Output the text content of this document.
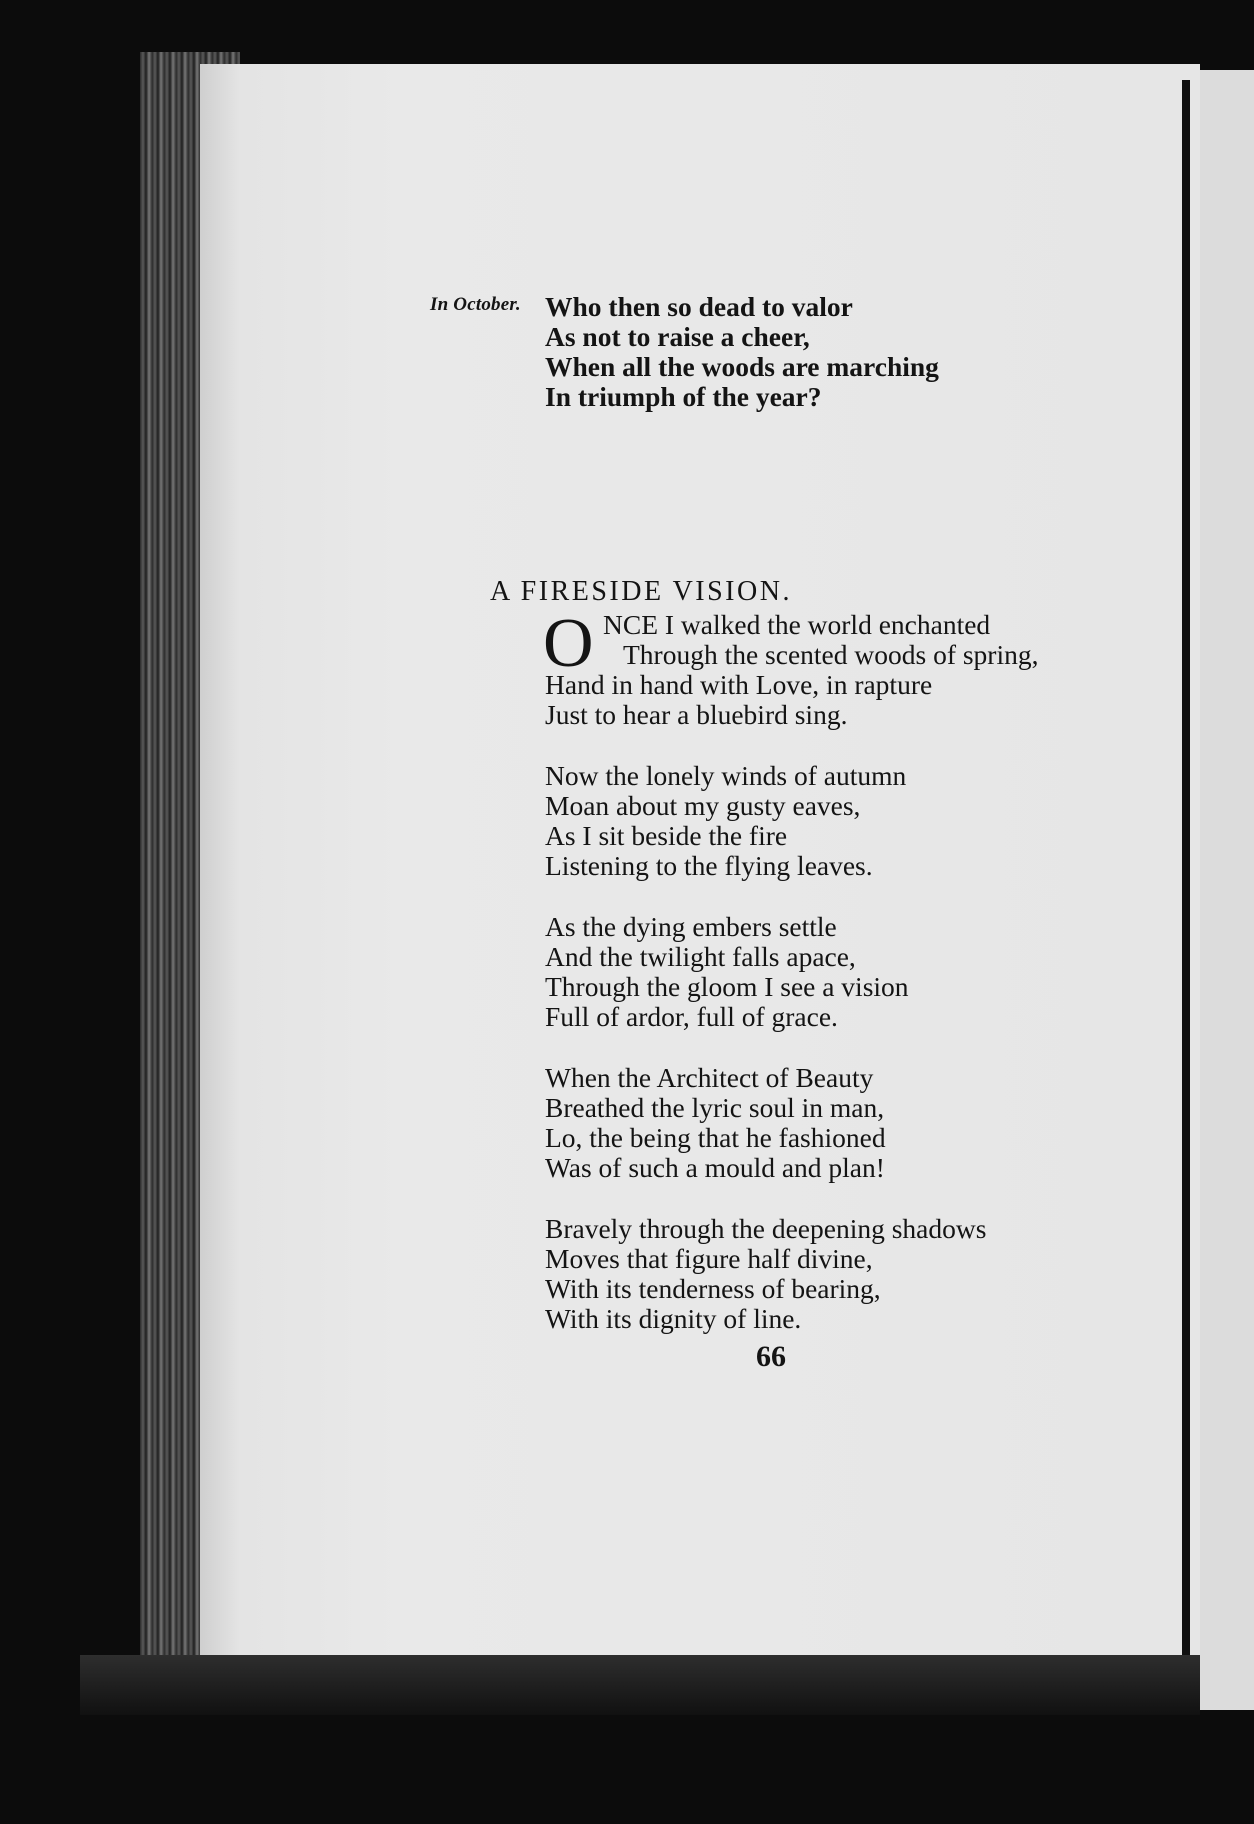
In October. Who then so dead to valor
As not to raise a cheer,
When all the woods are marching
In triumph of the year?
A FIRESIDE VISION.
O NCE I walked the world enchanted
Through the scented woods of spring,
Hand in hand with Love, in rapture
Just to hear a bluebird sing.
Now the lonely winds of autumn
Moan about my gusty eaves,
As I sit beside the fire
Listening to the flying leaves.
As the dying embers settle
And the twilight falls apace,
Through the gloom I see a vision
Full of ardor, full of grace.
When the Architect of Beauty
Breathed the lyric soul in man,
Lo, the being that he fashioned
Was of such a mould and plan!
Bravely through the deepening shadows
Moves that figure half divine,
With its tenderness of bearing,
With its dignity of line.
66
